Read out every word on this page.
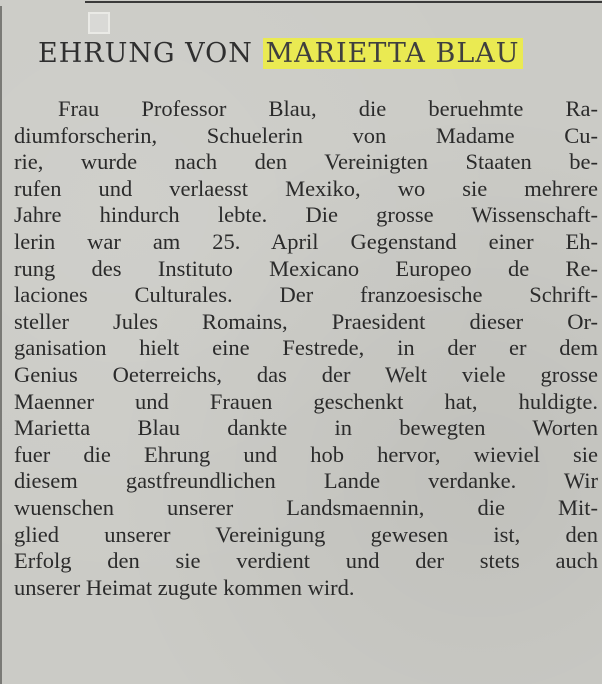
EHRUNG VON MARIETTA BLAU
Frau Professor Blau, die beruehmte Ra-
diumforscherin, Schuelerin von Madame Cu-
rie, wurde nach den Vereinigten Staaten be-
rufen und verlaesst Mexiko, wo sie mehrere
Jahre hindurch lebte. Die grosse Wissenschaft-
lerin war am 25. April Gegenstand einer Eh-
rung des Instituto Mexicano Europeo de Re-
laciones Culturales. Der franzoesische Schrift-
steller Jules Romains, Praesident dieser Or-
ganisation hielt eine Festrede, in der er dem
Genius Oeterreichs, das der Welt viele grosse
Maenner und Frauen geschenkt hat, huldigte.
Marietta Blau dankte in bewegten Worten
fuer die Ehrung und hob hervor, wieviel sie
diesem gastfreundlichen Lande verdanke. Wir
wuenschen unserer Landsmaennin, die Mit-
glied unserer Vereinigung gewesen ist, den
Erfolg den sie verdient und der stets auch
unserer Heimat zugute kommen wird.
